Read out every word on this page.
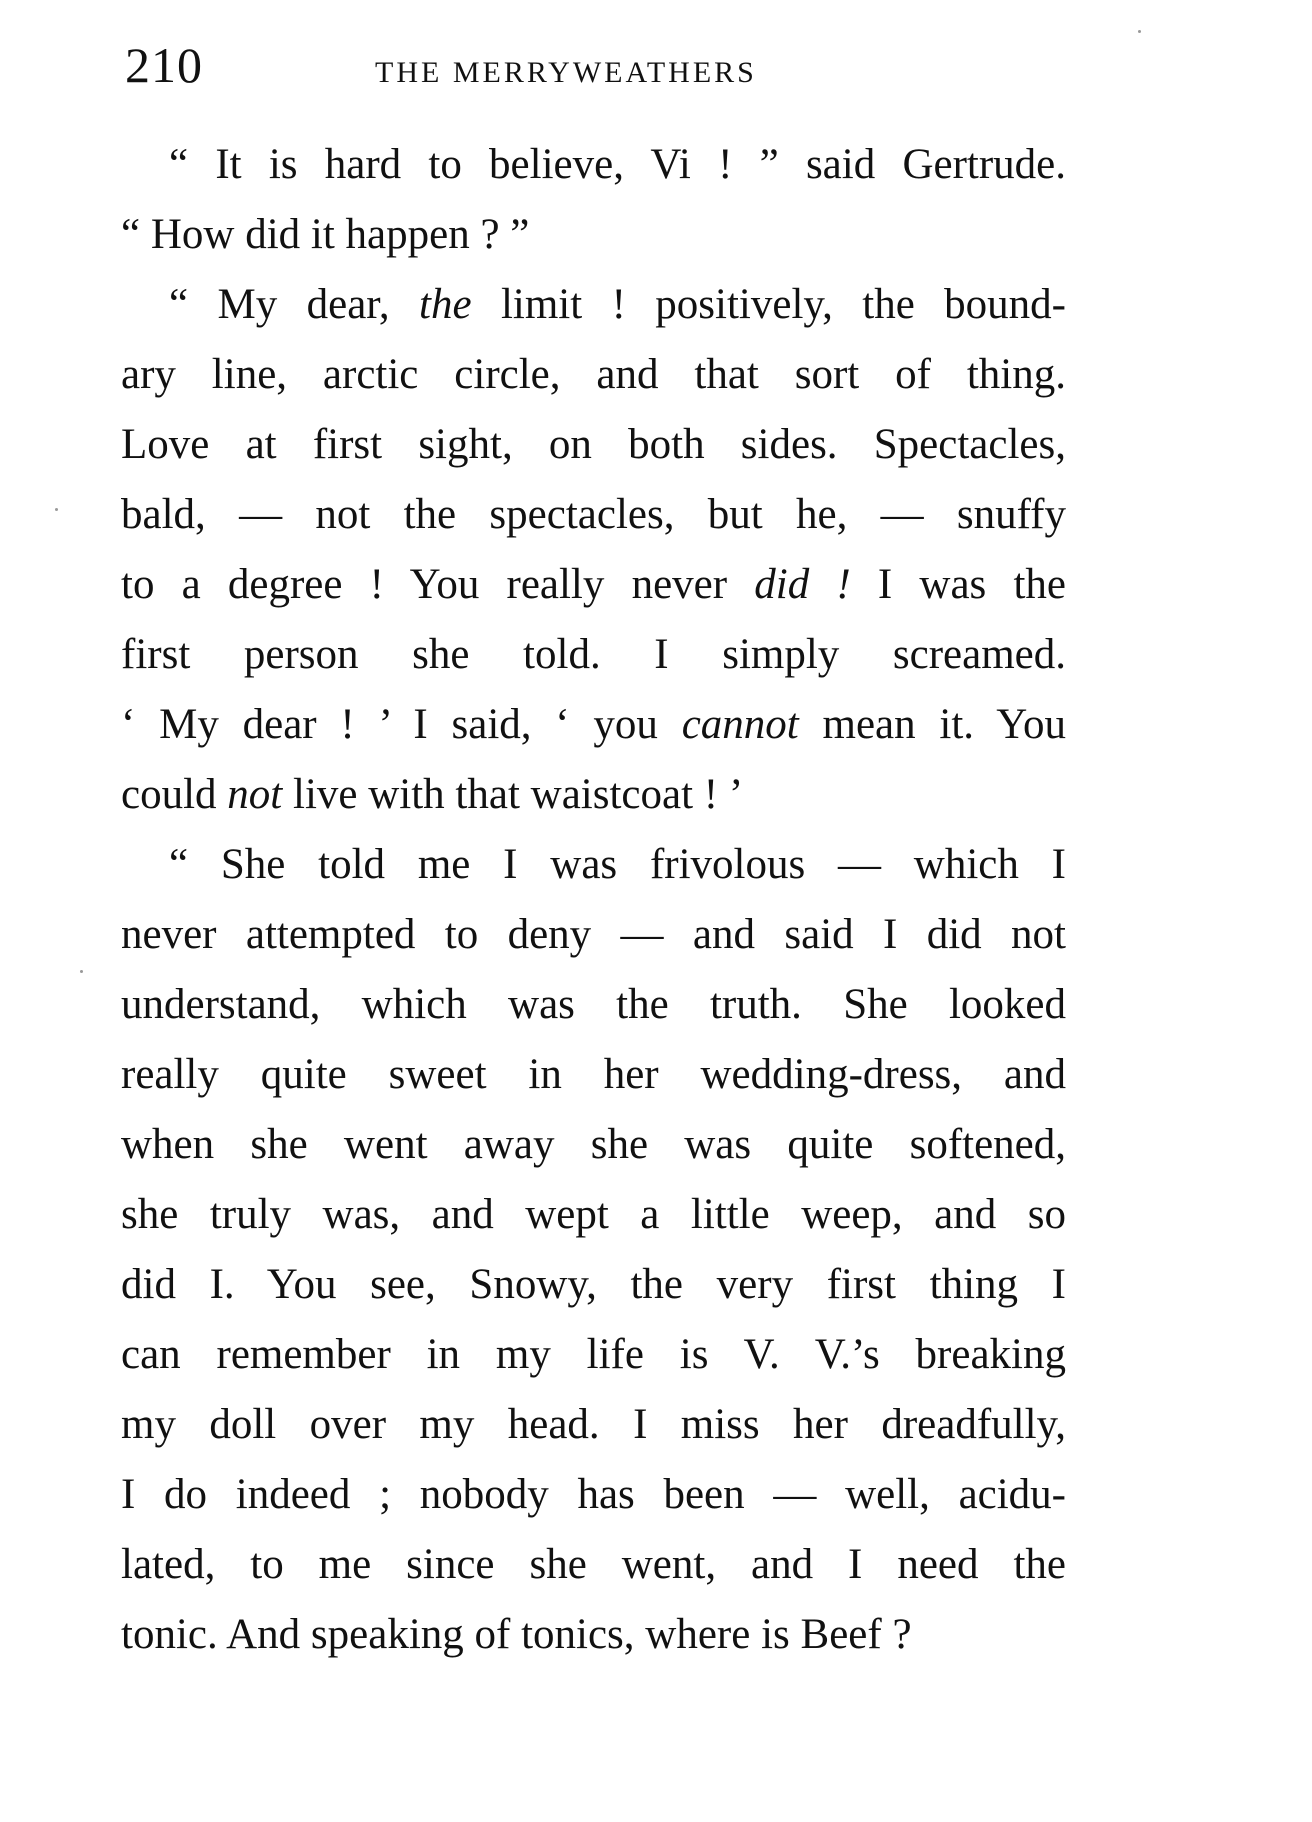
210	THE MERRYWEATHERS
“ It is hard to believe, Vi ! ” said Gertrude.
“ How did it happen ? ”
“ My dear, the limit ! positively, the bound-
ary line, arctic circle, and that sort of thing.
Love at first sight, on both sides. Spectacles,
bald, — not the spectacles, but he, — snuffy
to a degree ! You really never did ! I was the
first person she told. I simply screamed.
‘ My dear ! ’ I said, ‘ you cannot mean it. You
could not live with that waistcoat ! ’
“ She told me I was frivolous — which I
never attempted to deny — and said I did not
understand, which was the truth. She looked
really quite sweet in her wedding-dress, and
when she went away she was quite softened,
she truly was, and wept a little weep, and so
did I. You see, Snowy, the very first thing I
can remember in my life is V. V.’s breaking
my doll over my head. I miss her dreadfully,
I do indeed ; nobody has been — well, acidu-
lated, to me since she went, and I need the
tonic. And speaking of tonics, where is Beef ?
